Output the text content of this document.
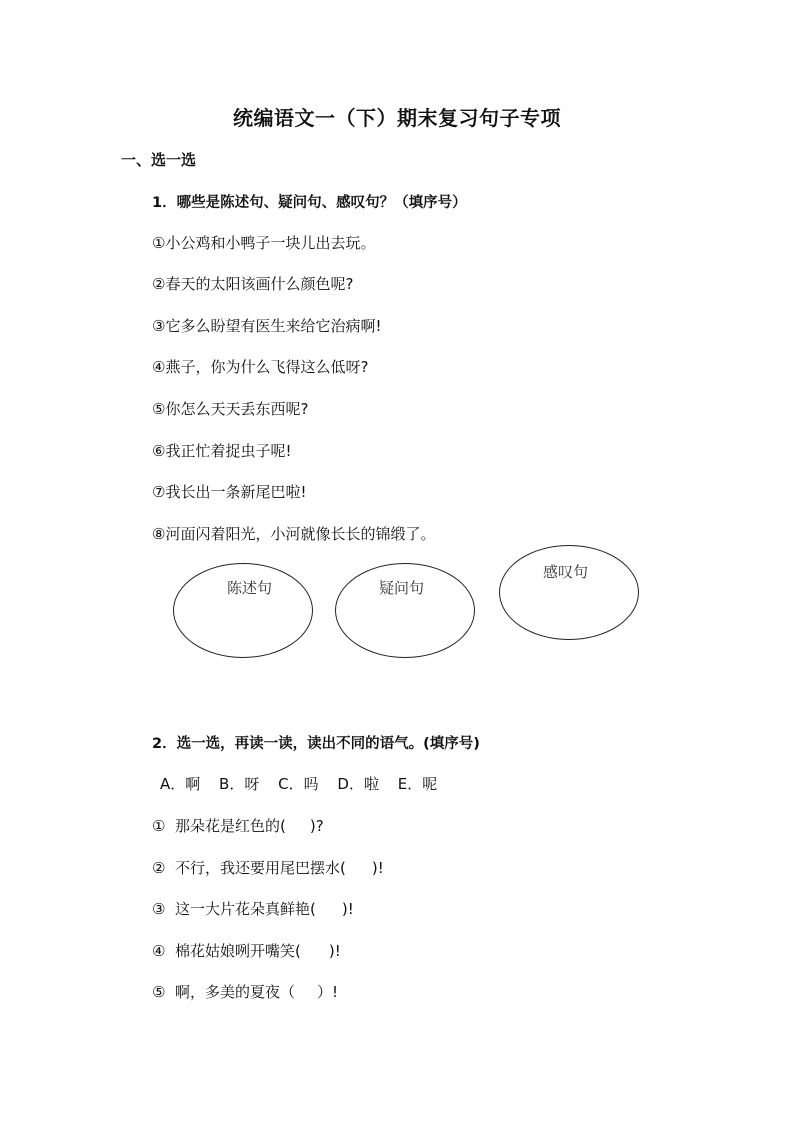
统编语文一（下）期末复习句子专项
一、选一选
1．哪些是陈述句、疑问句、感叹句？（填序号）
①小公鸡和小鸭子一块儿出去玩。
②春天的太阳该画什么颜色呢?
③它多么盼望有医生来给它治病啊!
④燕子，你为什么飞得这么低呀?
⑤你怎么天天丢东西呢?
⑥我正忙着捉虫子呢!
⑦我长出一条新尾巴啦!
⑧河面闪着阳光，小河就像长长的锦缎了。
陈述句	疑问句
感叹句
2．选一选，再读一读，读出不同的语气。(填序号)
A．啊 B．呀 C．吗 D．啦 E．呢
① 那朵花是红色的( )?
② 不行，我还要用尾巴摆水( )!
③ 这一大片花朵真鲜艳( )!
④ 棉花姑娘咧开嘴笑( )!
⑤ 啊，多美的夏夜（ ）!
